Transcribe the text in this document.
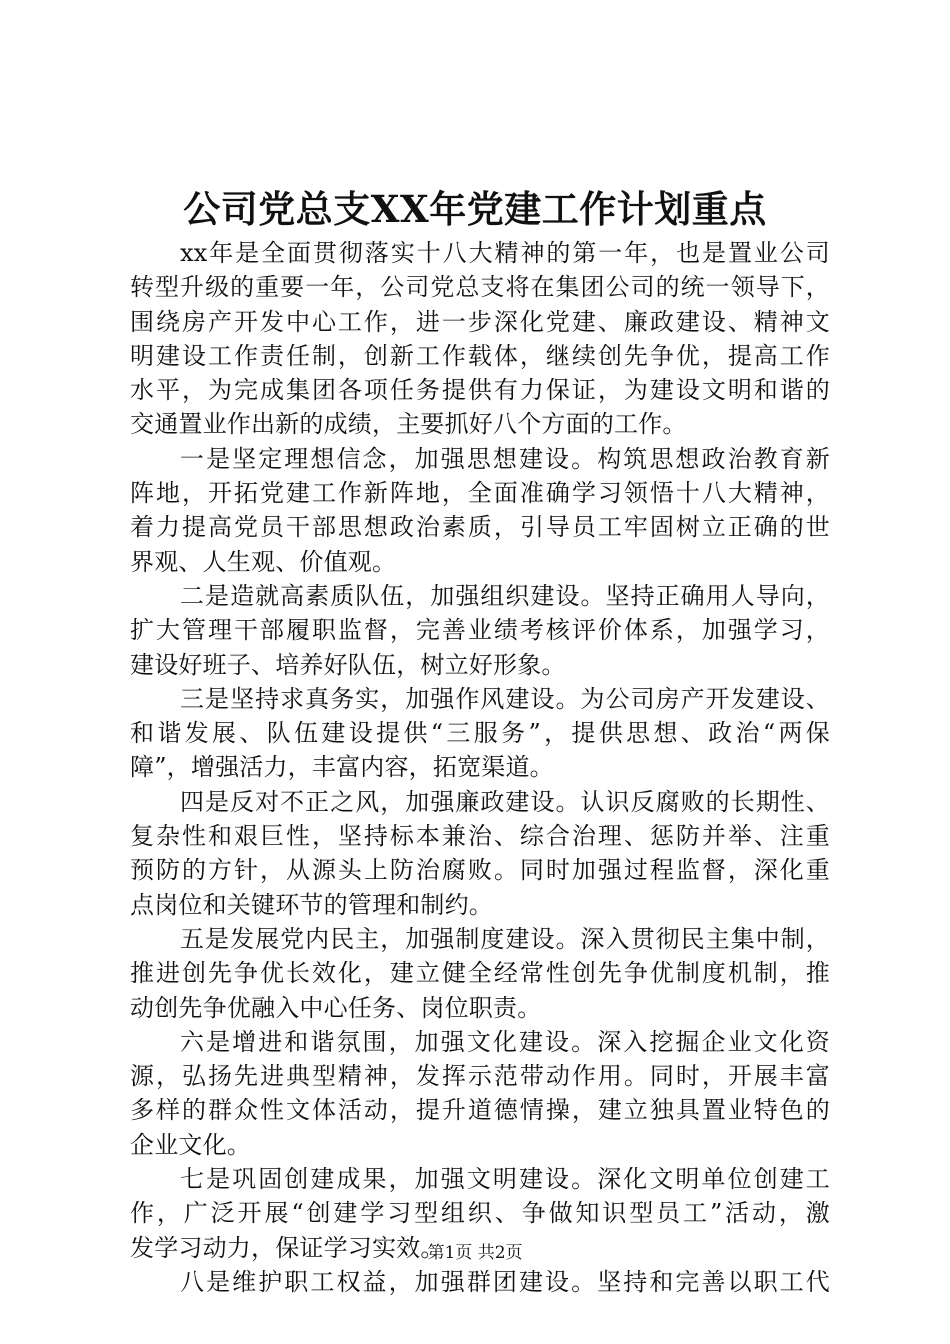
公司党总支XX年党建工作计划重点
xx年是全面贯彻落实十八大精神的第一年，也是置业公司
转型升级的重要一年，公司党总支将在集团公司的统一领导下，
围绕房产开发中心工作，进一步深化党建、廉政建设、精神文
明建设工作责任制，创新工作载体，继续创先争优，提高工作
水平，为完成集团各项任务提供有力保证，为建设文明和谐的
交通置业作出新的成绩，主要抓好八个方面的工作。
一是坚定理想信念，加强思想建设。构筑思想政治教育新
阵地，开拓党建工作新阵地，全面准确学习领悟十八大精神，
着力提高党员干部思想政治素质，引导员工牢固树立正确的世
界观、人生观、价值观。
二是造就高素质队伍，加强组织建设。坚持正确用人导向，
扩大管理干部履职监督，完善业绩考核评价体系，加强学习，
建设好班子、培养好队伍，树立好形象。
三是坚持求真务实，加强作风建设。为公司房产开发建设、
和谐发展、队伍建设提供“三服务”，提供思想、政治“两保
障”，增强活力，丰富内容，拓宽渠道。
四是反对不正之风，加强廉政建设。认识反腐败的长期性、
复杂性和艰巨性，坚持标本兼治、综合治理、惩防并举、注重
预防的方针，从源头上防治腐败。同时加强过程监督，深化重
点岗位和关键环节的管理和制约。
五是发展党内民主，加强制度建设。深入贯彻民主集中制，
推进创先争优长效化，建立健全经常性创先争优制度机制，推
动创先争优融入中心任务、岗位职责。
六是增进和谐氛围，加强文化建设。深入挖掘企业文化资
源，弘扬先进典型精神，发挥示范带动作用。同时，开展丰富
多样的群众性文体活动，提升道德情操，建立独具置业特色的
企业文化。
七是巩固创建成果，加强文明建设。深化文明单位创建工
作，广泛开展“创建学习型组织、争做知识型员工”活动，激
发学习动力，保证学习实效。
八是维护职工权益，加强群团建设。坚持和完善以职工代
第1页 共2页
